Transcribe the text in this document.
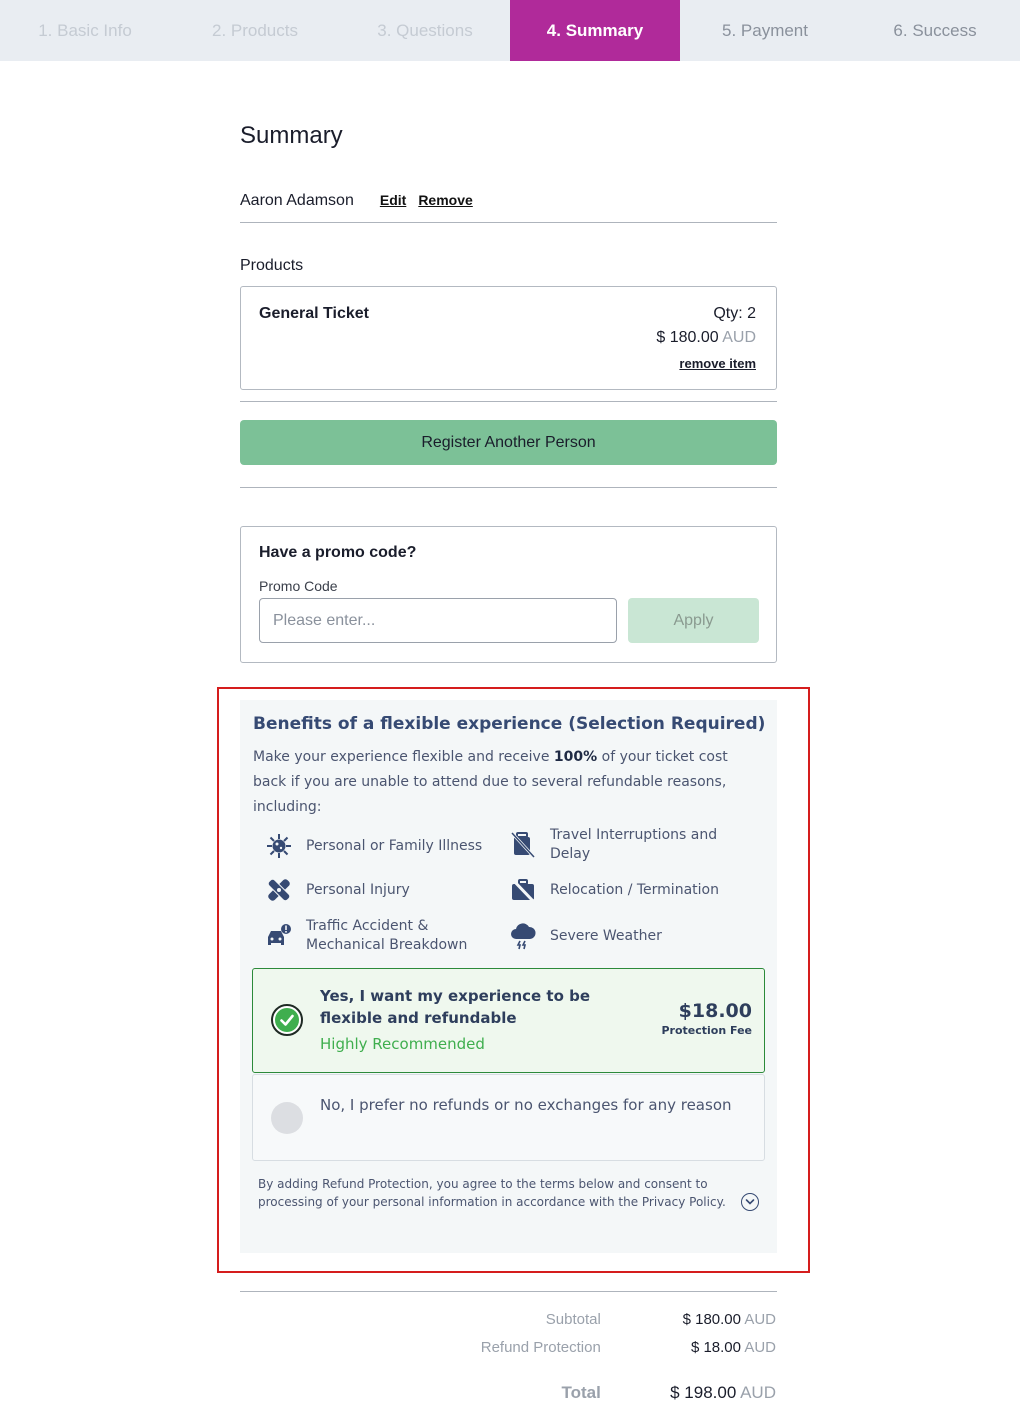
1. Basic Info	2. Products	3. Questions	4. Summary	5. Payment	6. Success
Summary
Aaron Adamson Edit Remove
Products
General Ticket	Qty: 2
$ 180.00 AUD
remove item
Register Another Person
Have a promo code?
Promo Code
Please enter...
Apply
Benefits of a flexible experience (Selection Required)
Make your experience flexible and receive 100% of your ticket cost back if you are unable to attend due to several refundable reasons, including:
Personal or Family Illness
Travel Interruptions and Delay
Personal Injury	Relocation / Termination
Traffic Accident & Mechanical Breakdown
Severe Weather
Yes, I want my experience to be flexible and refundable
Highly Recommended
$18.00
Protection Fee
No, I prefer no refunds or no exchanges for any reason
By adding Refund Protection, you agree to the terms below and consent to processing of your personal information in accordance with the Privacy Policy.
Subtotal	$ 180.00 AUD
Refund Protection	$ 18.00 AUD
Total	$ 198.00 AUD
